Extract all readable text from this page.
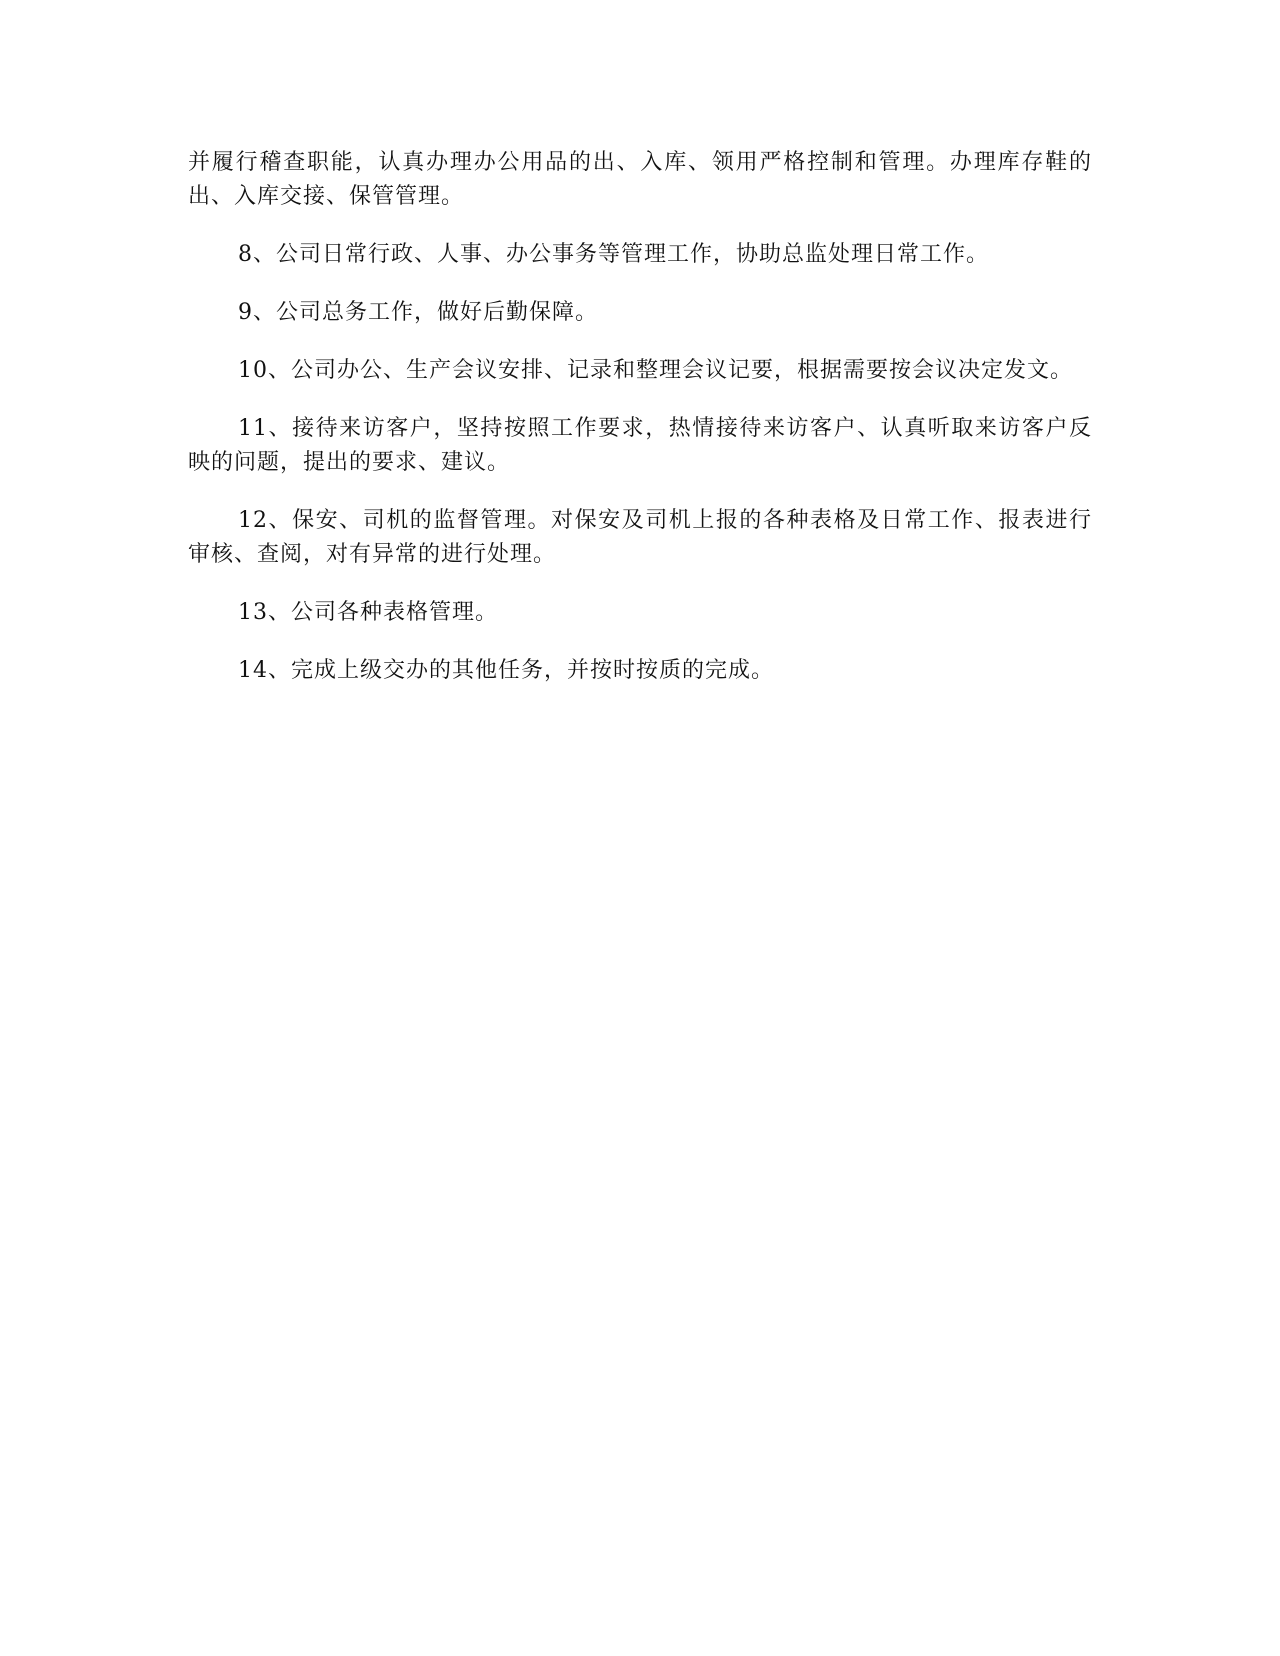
并履行稽查职能，认真办理办公用品的出、入库、领用严格控制和管理。办理库存鞋的出、入库交接、保管管理。

8、公司日常行政、人事、办公事务等管理工作，协助总监处理日常工作。

9、公司总务工作，做好后勤保障。

10、公司办公、生产会议安排、记录和整理会议记要，根据需要按会议决定发文。

11、接待来访客户，坚持按照工作要求，热情接待来访客户、认真听取来访客户反映的问题，提出的要求、建议。

12、保安、司机的监督管理。对保安及司机上报的各种表格及日常工作、报表进行审核、查阅，对有异常的进行处理。

13、公司各种表格管理。

14、完成上级交办的其他任务，并按时按质的完成。
